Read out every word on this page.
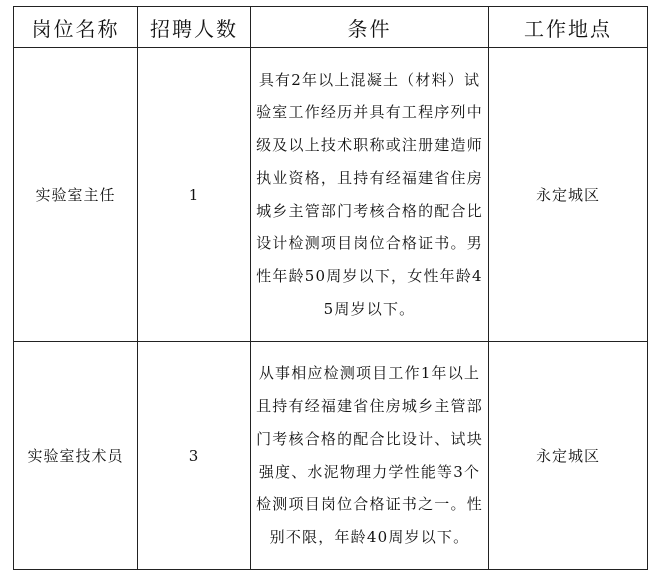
岗位名称	招聘人数	条件	工作地点
实验室主任	1	具有2年以上混凝土（材料）试验室工作经历并具有工程序列中级及以上技术职称或注册建造师执业资格，且持有经福建省住房城乡主管部门考核合格的配合比设计检测项目岗位合格证书。男性年龄50周岁以下，女性年龄45周岁以下。	永定城区
实验室技术员	3	从事相应检测项目工作1年以上且持有经福建省住房城乡主管部门考核合格的配合比设计、试块强度、水泥物理力学性能等3个检测项目岗位合格证书之一。性别不限，年龄40周岁以下。	永定城区
